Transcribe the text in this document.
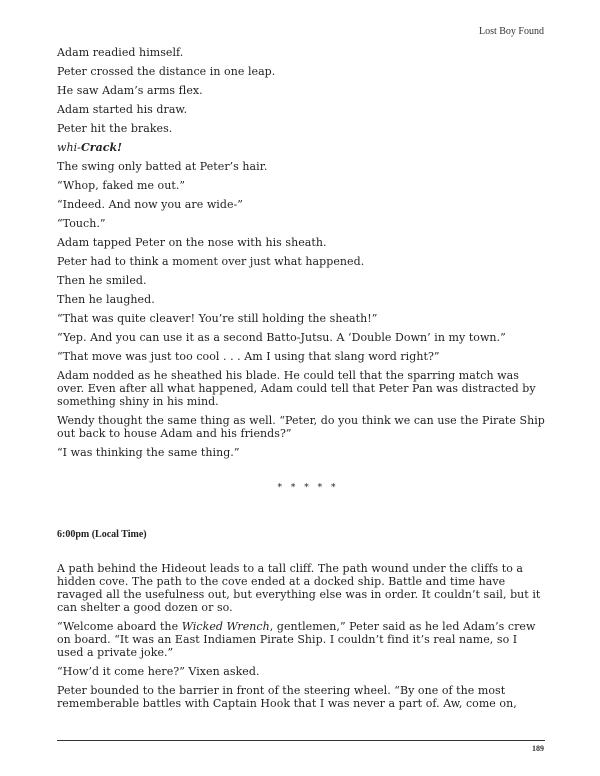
Lost Boy Found

Adam readied himself.

Peter crossed the distance in one leap.

He saw Adam’s arms flex.

Adam started his draw.

Peter hit the brakes.

whi-Crack!

The swing only batted at Peter’s hair.

“Whop, faked me out.”

“Indeed. And now you are wide-”

“Touch.”

Adam tapped Peter on the nose with his sheath.

Peter had to think a moment over just what happened.

Then he smiled.

Then he laughed.

“That was quite cleaver! You’re still holding the sheath!”

“Yep. And you can use it as a second Batto-Jutsu. A ‘Double Down’ in my town.”

“That move was just too cool . . . Am I using that slang word right?”

Adam nodded as he sheathed his blade. He could tell that the sparring match was over. Even after all what happened, Adam could tell that Peter Pan was distracted by something shiny in his mind.

Wendy thought the same thing as well. “Peter, do you think we can use the Pirate Ship out back to house Adam and his friends?”

“I was thinking the same thing.”

* * * * *
6:00pm (Local Time)

A path behind the Hideout leads to a tall cliff. The path wound under the cliffs to a hidden cove. The path to the cove ended at a docked ship. Battle and time have ravaged all the usefulness out, but everything else was in order. It couldn’t sail, but it can shelter a good dozen or so.

“Welcome aboard the Wicked Wrench, gentlemen,” Peter said as he led Adam’s crew on board. “It was an East Indiamen Pirate Ship. I couldn’t find it’s real name, so I used a private joke.”

“How’d it come here?” Vixen asked.

Peter bounded to the barrier in front of the steering wheel. “By one of the most rememberable battles with Captain Hook that I was never a part of. Aw, come on,

189
